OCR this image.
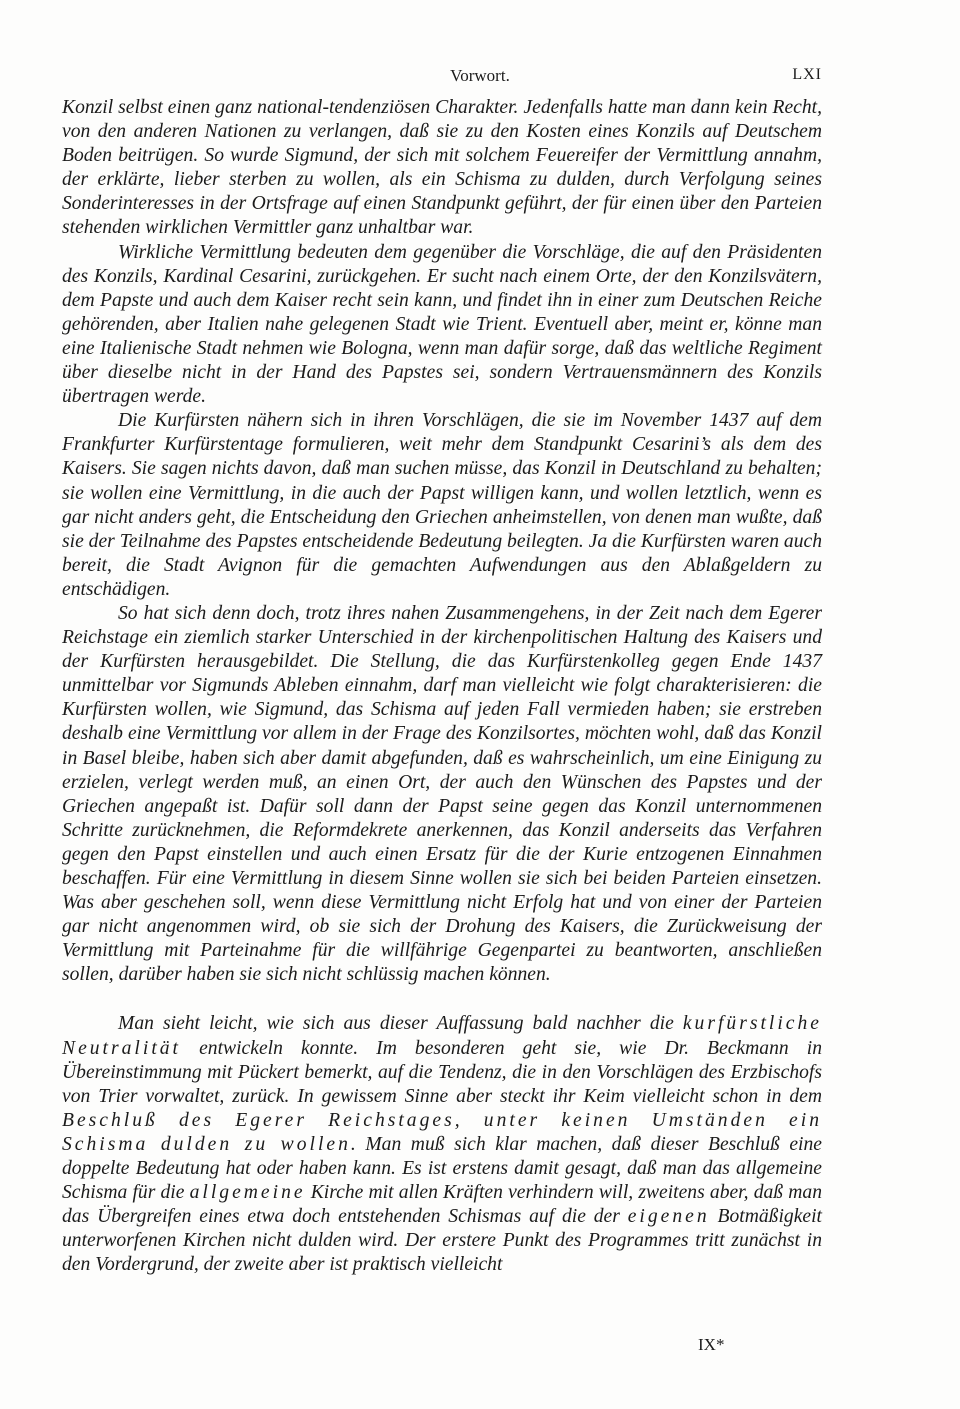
Vorwort.	LXI

Konzil selbst einen ganz national-tendenziösen Charakter. Jedenfalls hatte man dann kein Recht, von den anderen Nationen zu verlangen, daß sie zu den Kosten eines Konzils auf Deutschem Boden beitrügen. So wurde Sigmund, der sich mit solchem Feuereifer der Vermittlung annahm, der erklärte, lieber sterben zu wollen, als ein Schisma zu dulden, durch Verfolgung seines Sonderinteresses in der Ortsfrage auf einen Standpunkt geführt, der für einen über den Parteien stehenden wirklichen Vermittler ganz unhaltbar war.

Wirkliche Vermittlung bedeuten dem gegenüber die Vorschläge, die auf den Präsidenten des Konzils, Kardinal Cesarini, zurückgehen. Er sucht nach einem Orte, der den Konzilsvätern, dem Papste und auch dem Kaiser recht sein kann, und findet ihn in einer zum Deutschen Reiche gehörenden, aber Italien nahe gelegenen Stadt wie Trient. Eventuell aber, meint er, könne man eine Italienische Stadt nehmen wie Bologna, wenn man dafür sorge, daß das weltliche Regiment über dieselbe nicht in der Hand des Papstes sei, sondern Vertrauensmännern des Konzils übertragen werde.

Die Kurfürsten nähern sich in ihren Vorschlägen, die sie im November 1437 auf dem Frankfurter Kurfürstentage formulieren, weit mehr dem Standpunkt Cesarini’s als dem des Kaisers. Sie sagen nichts davon, daß man suchen müsse, das Konzil in Deutschland zu behalten; sie wollen eine Vermittlung, in die auch der Papst willigen kann, und wollen letztlich, wenn es gar nicht anders geht, die Entscheidung den Griechen anheimstellen, von denen man wußte, daß sie der Teilnahme des Papstes entscheidende Bedeutung beilegten. Ja die Kurfürsten waren auch bereit, die Stadt Avignon für die gemachten Aufwendungen aus den Ablaßgeldern zu entschädigen.

So hat sich denn doch, trotz ihres nahen Zusammengehens, in der Zeit nach dem Egerer Reichstage ein ziemlich starker Unterschied in der kirchenpolitischen Haltung des Kaisers und der Kurfürsten herausgebildet. Die Stellung, die das Kurfürstenkolleg gegen Ende 1437 unmittelbar vor Sigmunds Ableben einnahm, darf man vielleicht wie folgt charakterisieren: die Kurfürsten wollen, wie Sigmund, das Schisma auf jeden Fall vermieden haben; sie erstreben deshalb eine Vermittlung vor allem in der Frage des Konzilsortes, möchten wohl, daß das Konzil in Basel bleibe, haben sich aber damit abgefunden, daß es wahrscheinlich, um eine Einigung zu erzielen, verlegt werden muß, an einen Ort, der auch den Wünschen des Papstes und der Griechen angepaßt ist. Dafür soll dann der Papst seine gegen das Konzil unternommenen Schritte zurücknehmen, die Reformdekrete anerkennen, das Konzil anderseits das Verfahren gegen den Papst einstellen und auch einen Ersatz für die der Kurie entzogenen Einnahmen beschaffen. Für eine Vermittlung in diesem Sinne wollen sie sich bei beiden Parteien einsetzen. Was aber geschehen soll, wenn diese Vermittlung nicht Erfolg hat und von einer der Parteien gar nicht angenommen wird, ob sie sich der Drohung des Kaisers, die Zurückweisung der Vermittlung mit Parteinahme für die willfährige Gegenpartei zu beantworten, anschließen sollen, darüber haben sie sich nicht schlüssig machen können.

Man sieht leicht, wie sich aus dieser Auffassung bald nachher die kurfürstliche Neutralität entwickeln konnte. Im besonderen geht sie, wie Dr. Beckmann in Übereinstimmung mit Pückert bemerkt, auf die Tendenz, die in den Vorschlägen des Erzbischofs von Trier vorwaltet, zurück. In gewissem Sinne aber steckt ihr Keim vielleicht schon in dem Beschluß des Egerer Reichstages, unter keinen Umständen ein Schisma dulden zu wollen. Man muß sich klar machen, daß dieser Beschluß eine doppelte Bedeutung hat oder haben kann. Es ist erstens damit gesagt, daß man das allgemeine Schisma für die allgemeine Kirche mit allen Kräften verhindern will, zweitens aber, daß man das Übergreifen eines etwa doch entstehenden Schismas auf die der eigenen Botmäßigkeit unterworfenen Kirchen nicht dulden wird. Der erstere Punkt des Programmes tritt zunächst in den Vordergrund, der zweite aber ist praktisch vielleicht

IX*
